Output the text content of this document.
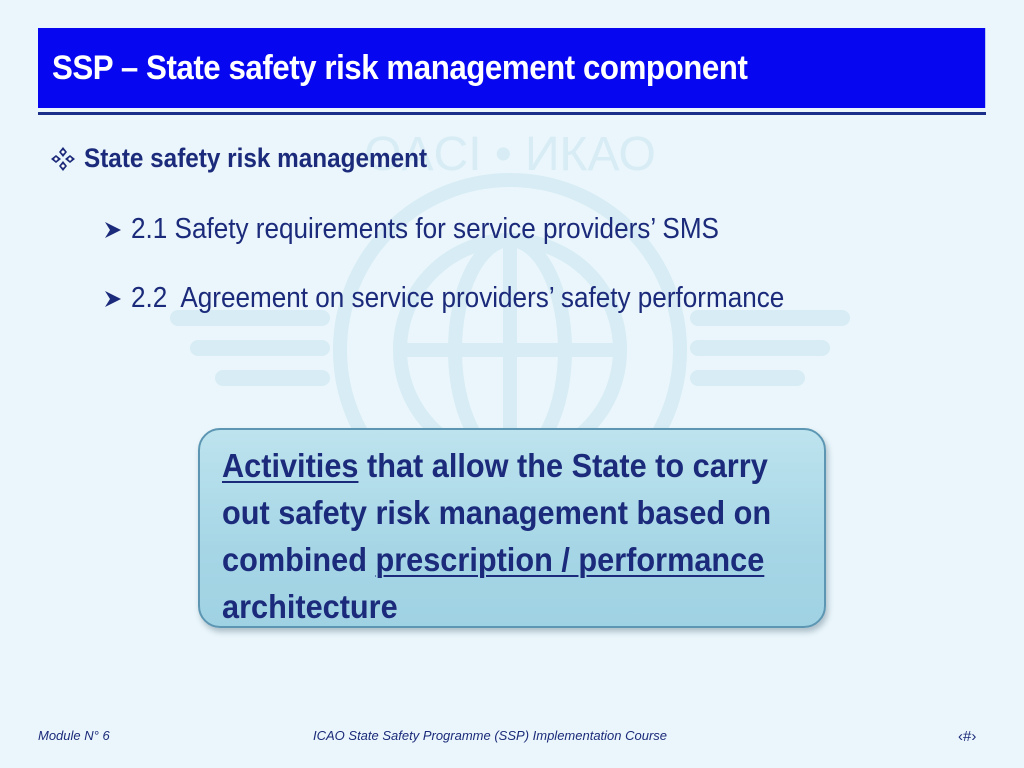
OACI • ИКАО
SSP – State safety risk management component
State safety risk management
2.1 Safety requirements for service providers’ SMS
2.2  Agreement on service providers’ safety performance
Activities that allow the State to carry out safety risk management based on combined prescription / performance architecture
Module N° 6	ICAO State Safety Programme (SSP) Implementation Course	‹#›
